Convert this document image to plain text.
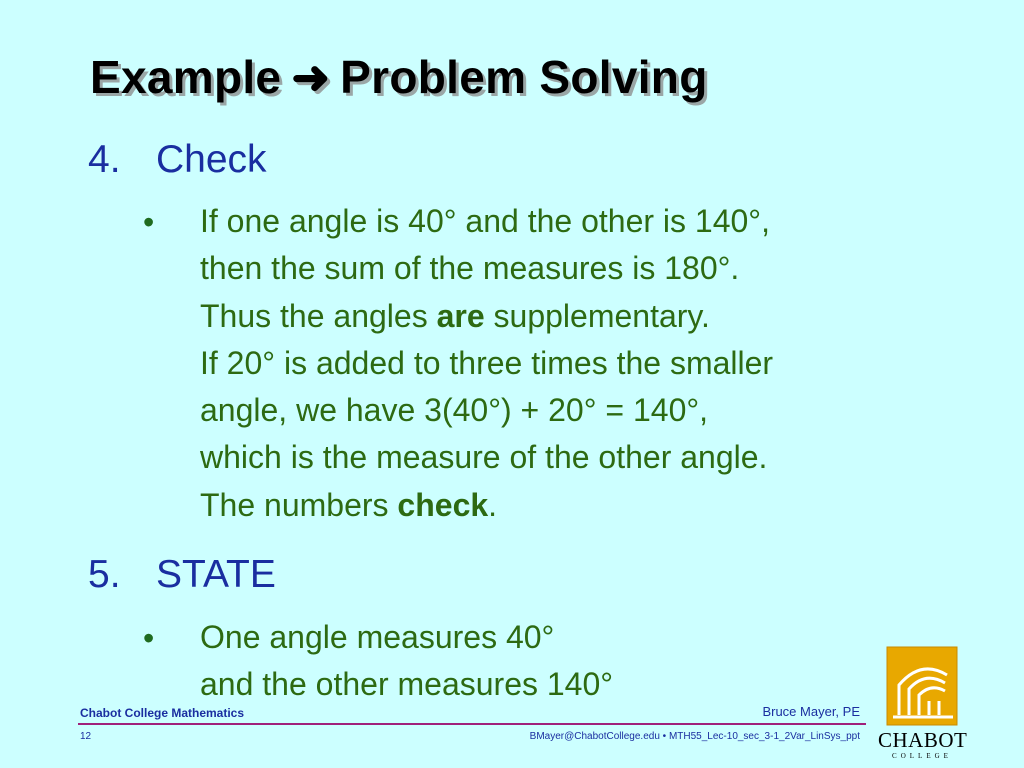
Example ➜ Problem Solving
4. Check
• If one angle is 40° and the other is 140°,
then the sum of the measures is 180°.
Thus the angles are supplementary.
If 20° is added to three times the smaller
angle, we have 3(40°) + 20° = 140°,
which is the measure of the other angle.
The numbers check.
5. STATE
• One angle measures 40°
and the other measures 140°
Chabot College Mathematics	Bruce Mayer, PE
12	BMayer@ChabotCollege.edu • MTH55_Lec-10_sec_3-1_2Var_LinSys_ppt CHABOT
COLLEGE
